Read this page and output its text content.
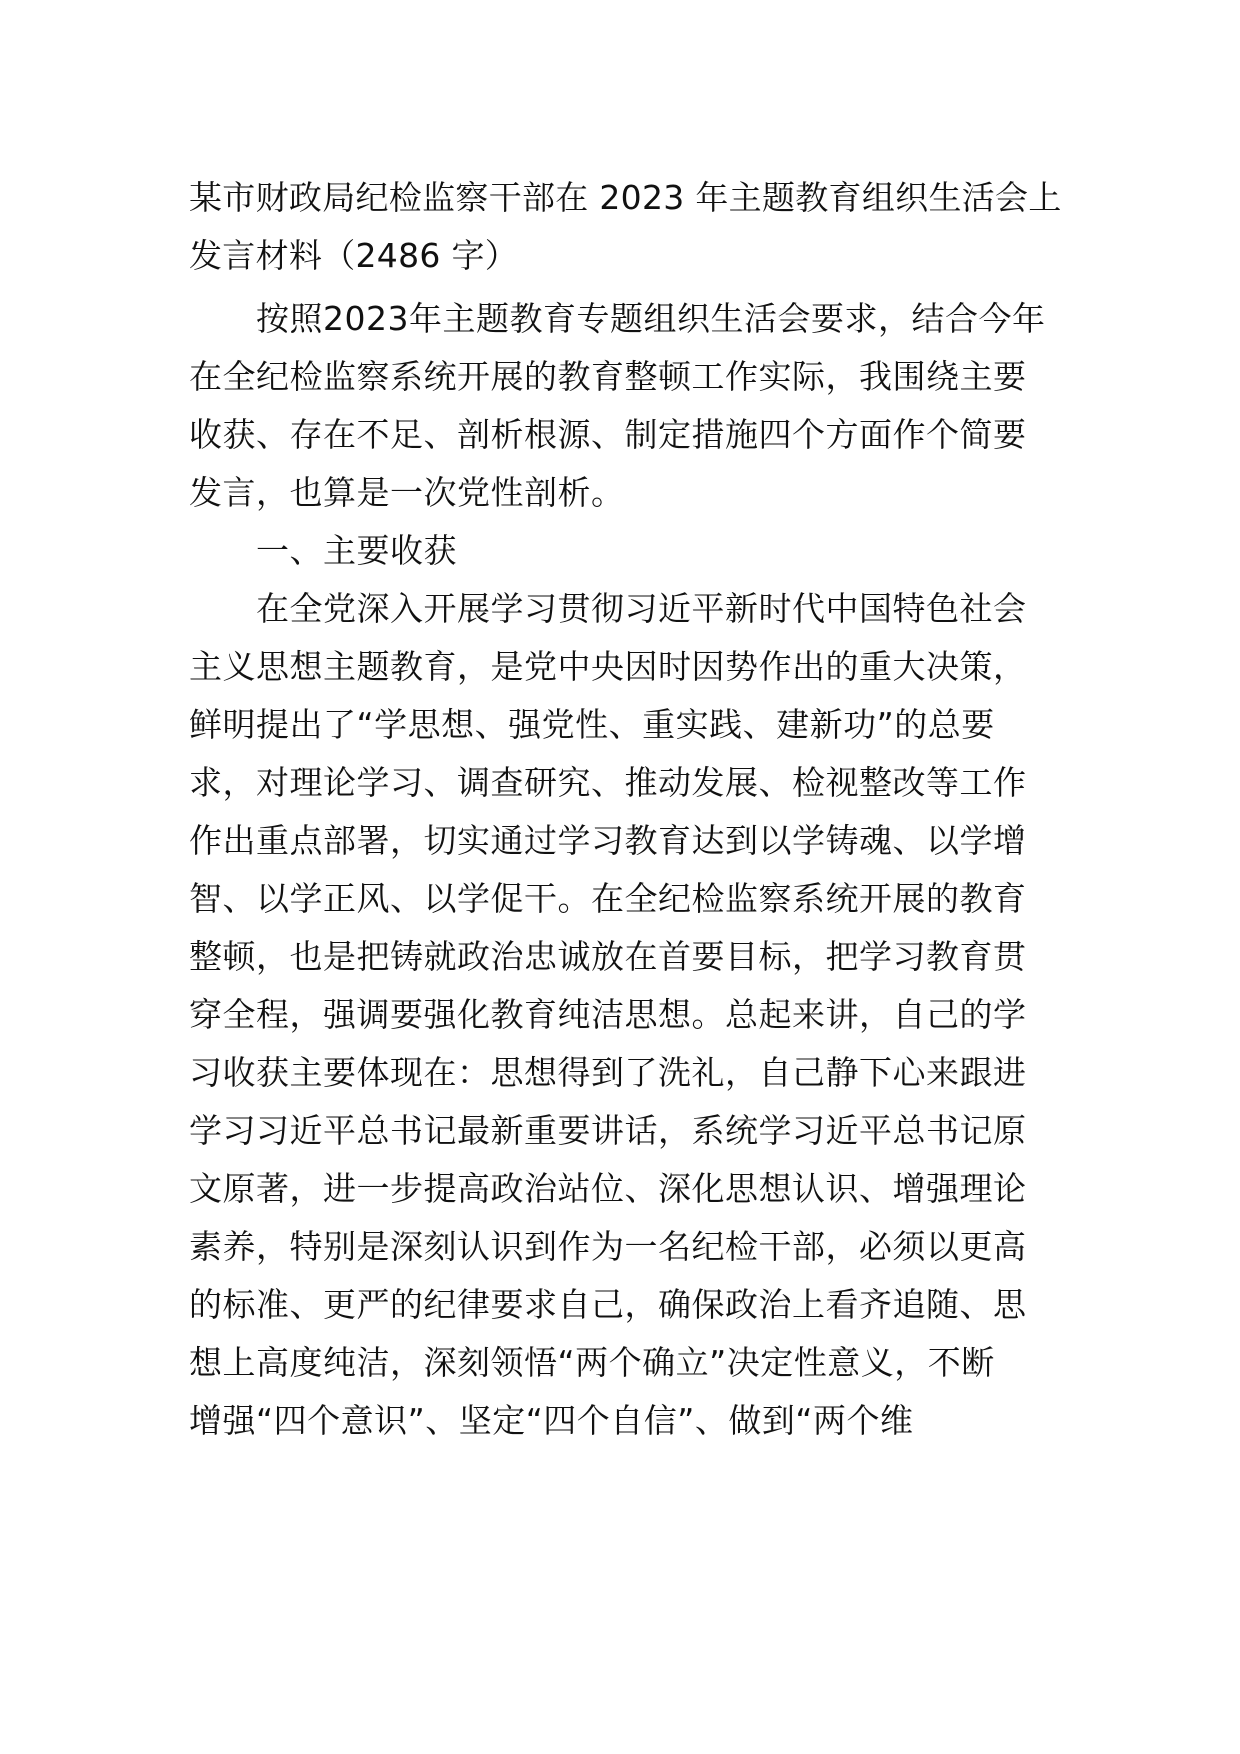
某市财政局纪检监察干部在 2023 年主题教育组织生活会上

发言材料（2486 字）

按照2023年主题教育专题组织生活会要求，结合今年

在全纪检监察系统开展的教育整顿工作实际，我围绕主要

收获、存在不足、剖析根源、制定措施四个方面作个简要

发言，也算是一次党性剖析。

一、主要收获

在全党深入开展学习贯彻习近平新时代中国特色社会

主义思想主题教育，是党中央因时因势作出的重大决策，

鲜明提出了“学思想、强党性、重实践、建新功”的总要

求，对理论学习、调查研究、推动发展、检视整改等工作

作出重点部署，切实通过学习教育达到以学铸魂、以学增

智、以学正风、以学促干。在全纪检监察系统开展的教育

整顿，也是把铸就政治忠诚放在首要目标，把学习教育贯

穿全程，强调要强化教育纯洁思想。总起来讲，自己的学

习收获主要体现在：思想得到了洗礼，自己静下心来跟进

学习习近平总书记最新重要讲话，系统学习近平总书记原

文原著，进一步提高政治站位、深化思想认识、增强理论

素养，特别是深刻认识到作为一名纪检干部，必须以更高

的标准、更严的纪律要求自己，确保政治上看齐追随、思

想上高度纯洁，深刻领悟“两个确立”决定性意义，不断

增强“四个意识”、坚定“四个自信”、做到“两个维
